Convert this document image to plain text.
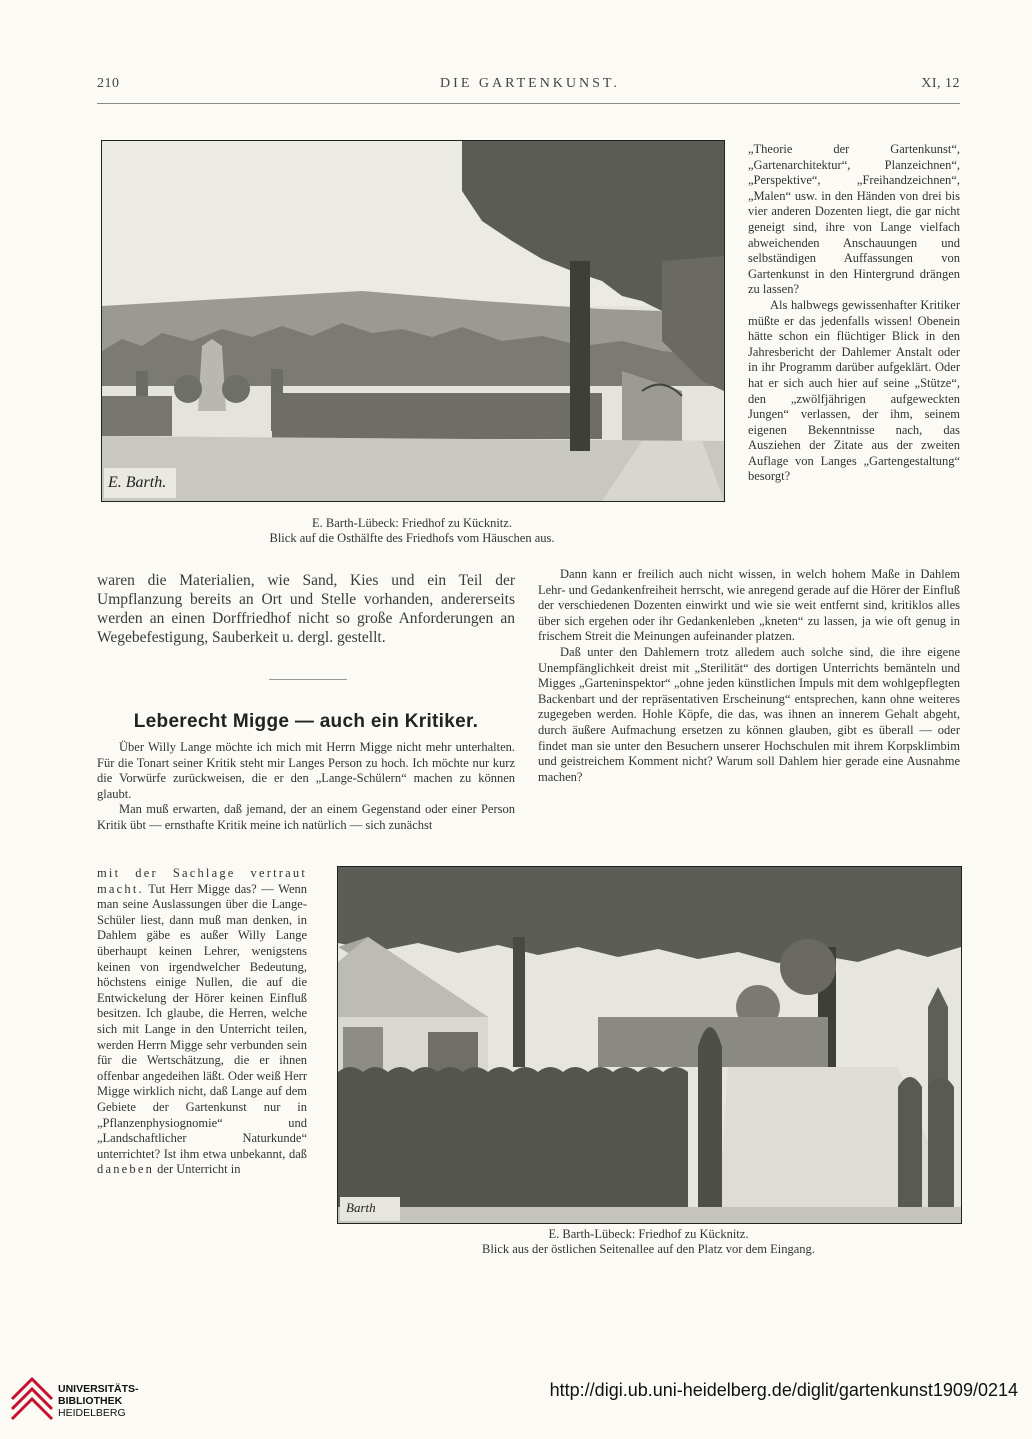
210	DIE GARTENKUNST.	XI, 12
E. Barth.
E. Barth-Lübeck: Friedhof zu Kücknitz.
Blick auf die Osthälfte des Friedhofs vom Häuschen aus.

„Theorie der Gartenkunst“, „Gartenarchitektur“, Planzeichnen“, „Perspektive“, „Freihandzeichnen“, „Malen“ usw. in den Händen von drei bis vier anderen Dozenten liegt, die gar nicht geneigt sind, ihre von Lange vielfach abweichenden Anschauungen und selbständigen Auffassungen von Gartenkunst in den Hintergrund drängen zu lassen?

Als halbwegs gewissenhafter Kritiker müßte er das jedenfalls wissen! Obenein hätte schon ein flüchtiger Blick in den Jahresbericht der Dahlemer Anstalt oder in ihr Programm darüber aufgeklärt. Oder hat er sich auch hier auf seine „Stütze“, den „zwölfjährigen aufgeweckten Jungen“ verlassen, der ihm, seinem eigenen Bekenntnisse nach, das Ausziehen der Zitate aus der zweiten Auflage von Langes „Gartengestaltung“ besorgt?

waren die Materialien, wie Sand, Kies und ein Teil der Umpflanzung bereits an Ort und Stelle vorhanden, andererseits werden an einen Dorffriedhof nicht so große Anforderungen an Wegebefestigung, Sauberkeit u. dergl. gestellt.
Leberecht Migge — auch ein Kritiker.

Über Willy Lange möchte ich mich mit Herrn Migge nicht mehr unterhalten. Für die Tonart seiner Kritik steht mir Langes Person zu hoch. Ich möchte nur kurz die Vorwürfe zurückweisen, die er den „Lange-Schülern“ machen zu können glaubt.

Man muß erwarten, daß jemand, der an einem Gegenstand oder einer Person Kritik übt — ernsthafte Kritik meine ich natürlich — sich zunächst

mit der Sachlage vertraut macht. Tut Herr Migge das? — Wenn man seine Auslassungen über die Lange-Schüler liest, dann muß man denken, in Dahlem gäbe es außer Willy Lange überhaupt keinen Lehrer, wenigstens keinen von irgendwelcher Bedeutung, höchstens einige Nullen, die auf die Entwickelung der Hörer keinen Einfluß besitzen. Ich glaube, die Herren, welche sich mit Lange in den Unterricht teilen, werden Herrn Migge sehr verbunden sein für die Wertschätzung, die er ihnen offenbar angedeihen läßt. Oder weiß Herr Migge wirklich nicht, daß Lange auf dem Gebiete der Gartenkunst nur in „Pflanzenphysiognomie“ und „Landschaftlicher Naturkunde“ unterrichtet? Ist ihm etwa unbekannt, daß daneben der Unterricht in

Dann kann er freilich auch nicht wissen, in welch hohem Maße in Dahlem Lehr- und Gedankenfreiheit herrscht, wie anregend gerade auf die Hörer der Einfluß der verschiedenen Dozenten einwirkt und wie sie weit entfernt sind, kritiklos alles über sich ergehen oder ihr Gedankenleben „kneten“ zu lassen, ja wie oft genug in frischem Streit die Meinungen aufeinander platzen.

Daß unter den Dahlemern trotz alledem auch solche sind, die ihre eigene Unempfänglichkeit dreist mit „Sterilität“ des dortigen Unterrichts bemänteln und Migges „Garteninspektor“ „ohne jeden künstlichen Impuls mit dem wohlgepflegten Backenbart und der repräsentativen Erscheinung“ entsprechen, kann ohne weiteres zugegeben werden. Hohle Köpfe, die das, was ihnen an innerem Gehalt abgeht, durch äußere Aufmachung ersetzen zu können glauben, gibt es überall — oder findet man sie unter den Besuchern unserer Hochschulen mit ihrem Korpsklimbim und geistreichem Komment nicht? Warum soll Dahlem hier gerade eine Ausnahme machen?

Barth
E. Barth-Lübeck: Friedhof zu Kücknitz.
Blick aus der östlichen Seitenallee auf den Platz vor dem Eingang.
UNIVERSITÄTS-
BIBLIOTHEK
HEIDELBERG
http://digi.ub.uni-heidelberg.de/diglit/gartenkunst1909/0214
